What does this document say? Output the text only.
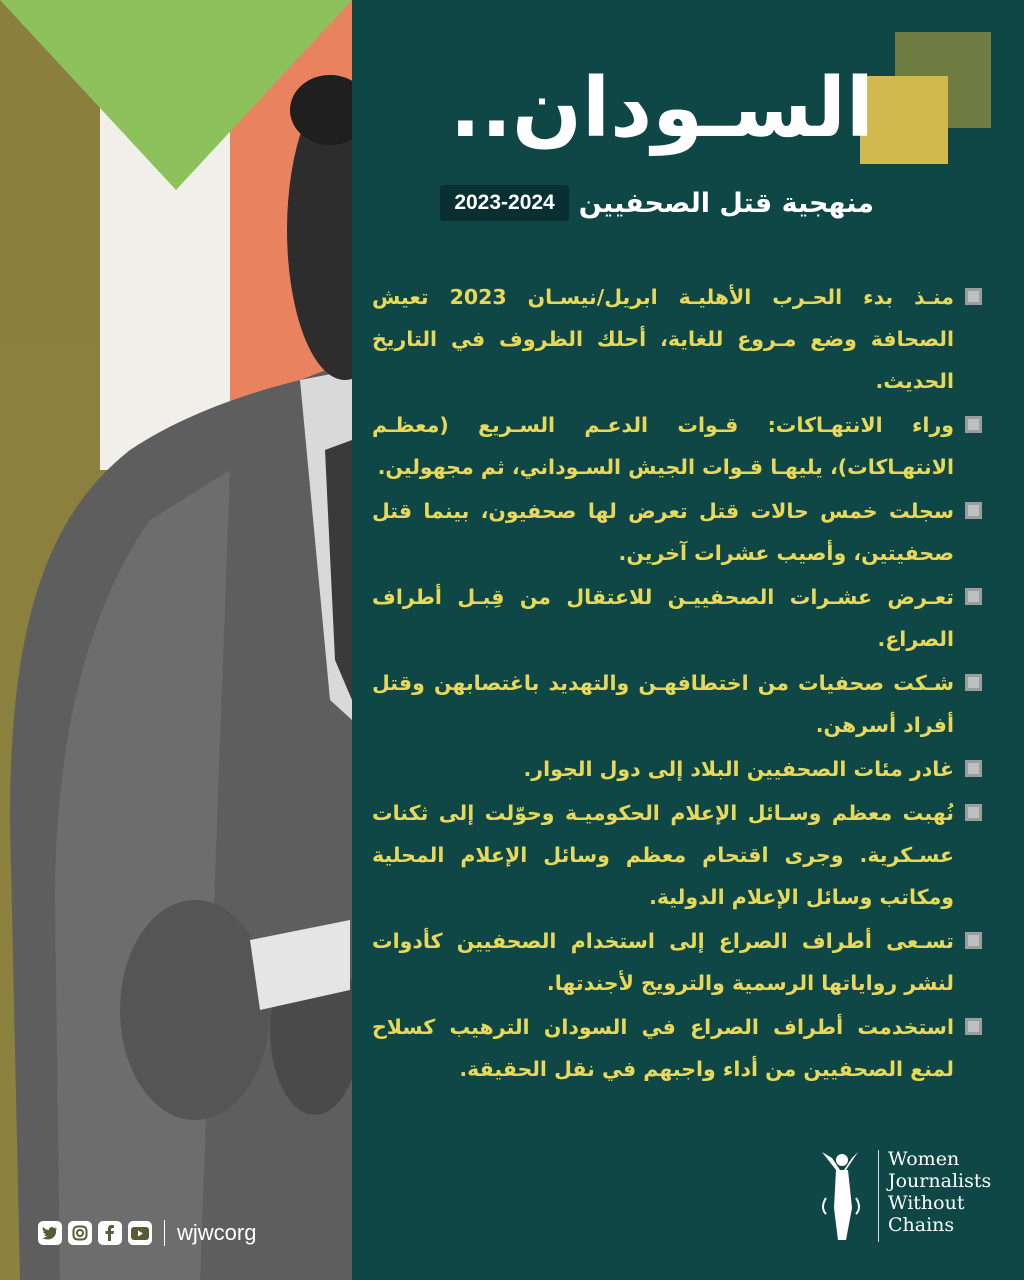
السـودان..
2023-2024 منهجية قتل الصحفيين
منـذ بدء الحـرب الأهليـة ابريل/نيسـان 2023 تعيش الصحافة وضع مـروع للغاية، أحلك الظروف في التاريخ الحديث.
وراء الانتهـاكات: قـوات الدعـم السـريع (معظـم الانتهـاكات)، يليهـا قـوات الجيش السـوداني، ثم مجهولين.
سجلت خمس حالات قتل تعرض لها صحفيون، بينما قتل صحفيتين، وأصيب عشرات آخرين.
تعـرض عشـرات الصحفييـن للاعتقال من قِبـل أطراف الصراع.
شـكت صحفيات من اختطافهـن والتهديد باغتصابهن وقتل أفراد أسرهن.
غادر مئات الصحفيين البلاد إلى دول الجوار.
نُهبت معظم وسـائل الإعلام الحكوميـة وحوّلت إلى ثكنات عسـكرية. وجرى اقتحام معظم وسائل الإعلام المحلية ومكاتب وسائل الإعلام الدولية.
تسـعى أطراف الصراع إلى استخدام الصحفيين كأدوات لنشر رواياتها الرسمية والترويج لأجندتها.
استخدمت أطراف الصراع في السودان الترهيب كسلاح لمنع الصحفيين من أداء واجبهم في نقل الحقيقة.
Women
Journalists
Without
Chains
wjwcorg
